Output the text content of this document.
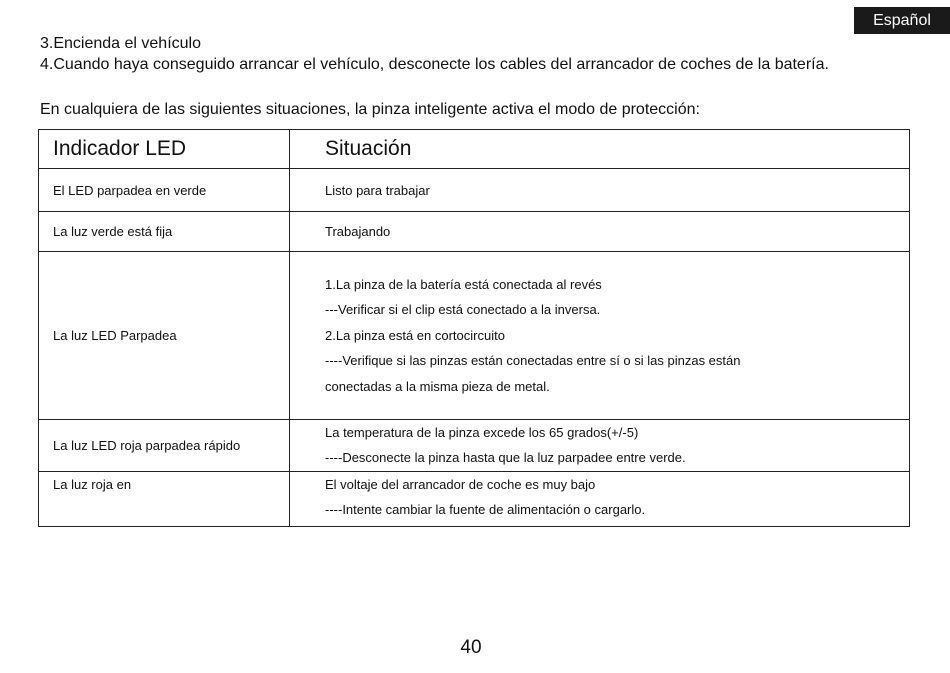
Español
3.Encienda el vehículo
4.Cuando haya conseguido arrancar el vehículo, desconecte los cables del arrancador de coches de la batería.
En cualquiera de las siguientes situaciones, la pinza inteligente activa el modo de protección:
Indicador LED	Situación
El LED parpadea en verde	Listo para trabajar

La luz verde está fija	Trabajando

La luz LED Parpadea	1.La pinza de la batería está conectada al revés
---Verificar si el clip está conectado a la inversa.
2.La pinza está en cortocircuito
----Verifique si las pinzas están conectadas entre sí o si las pinzas están
conectadas a la misma pieza de metal.

La luz LED roja parpadea rápido	La temperatura de la pinza excede los 65 grados(+/-5)
----Desconecte la pinza hasta que la luz parpadee entre verde.

La luz roja en	El voltaje del arrancador de coche es muy bajo
----Intente cambiar la fuente de alimentación o cargarlo.
40
